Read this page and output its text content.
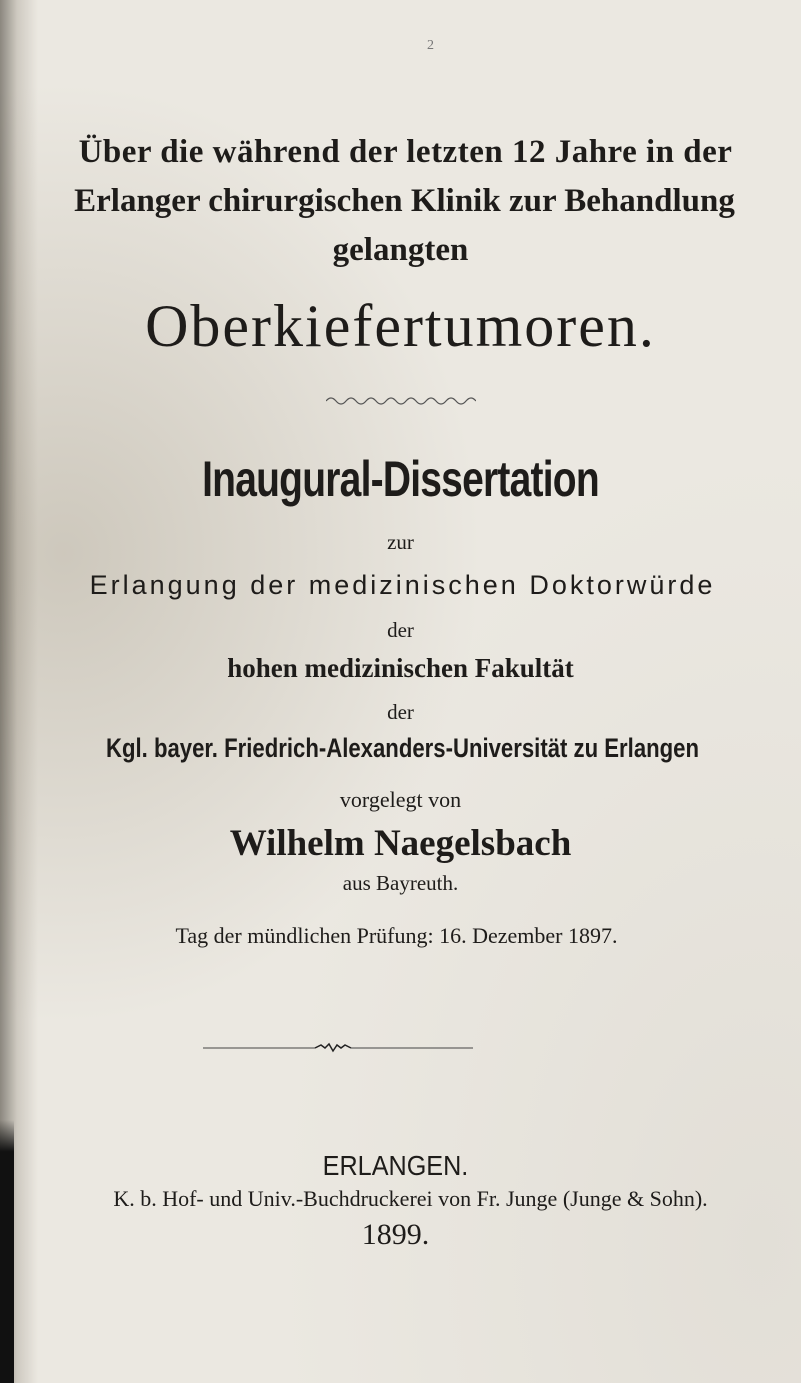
2
Über die während der letzten 12 Jahre in der
Erlanger chirurgischen Klinik zur Behandlung
gelangten
Oberkiefertumoren.
Inaugural-Dissertation
zur
Erlangung der medizinischen Doktorwürde
der
hohen medizinischen Fakultät
der
Kgl. bayer. Friedrich-Alexanders-Universität zu Erlangen
vorgelegt von
Wilhelm Naegelsbach
aus Bayreuth.
Tag der mündlichen Prüfung: 16. Dezember 1897.
ERLANGEN.
K. b. Hof- und Univ.-Buchdruckerei von Fr. Junge (Junge & Sohn).
1899.
